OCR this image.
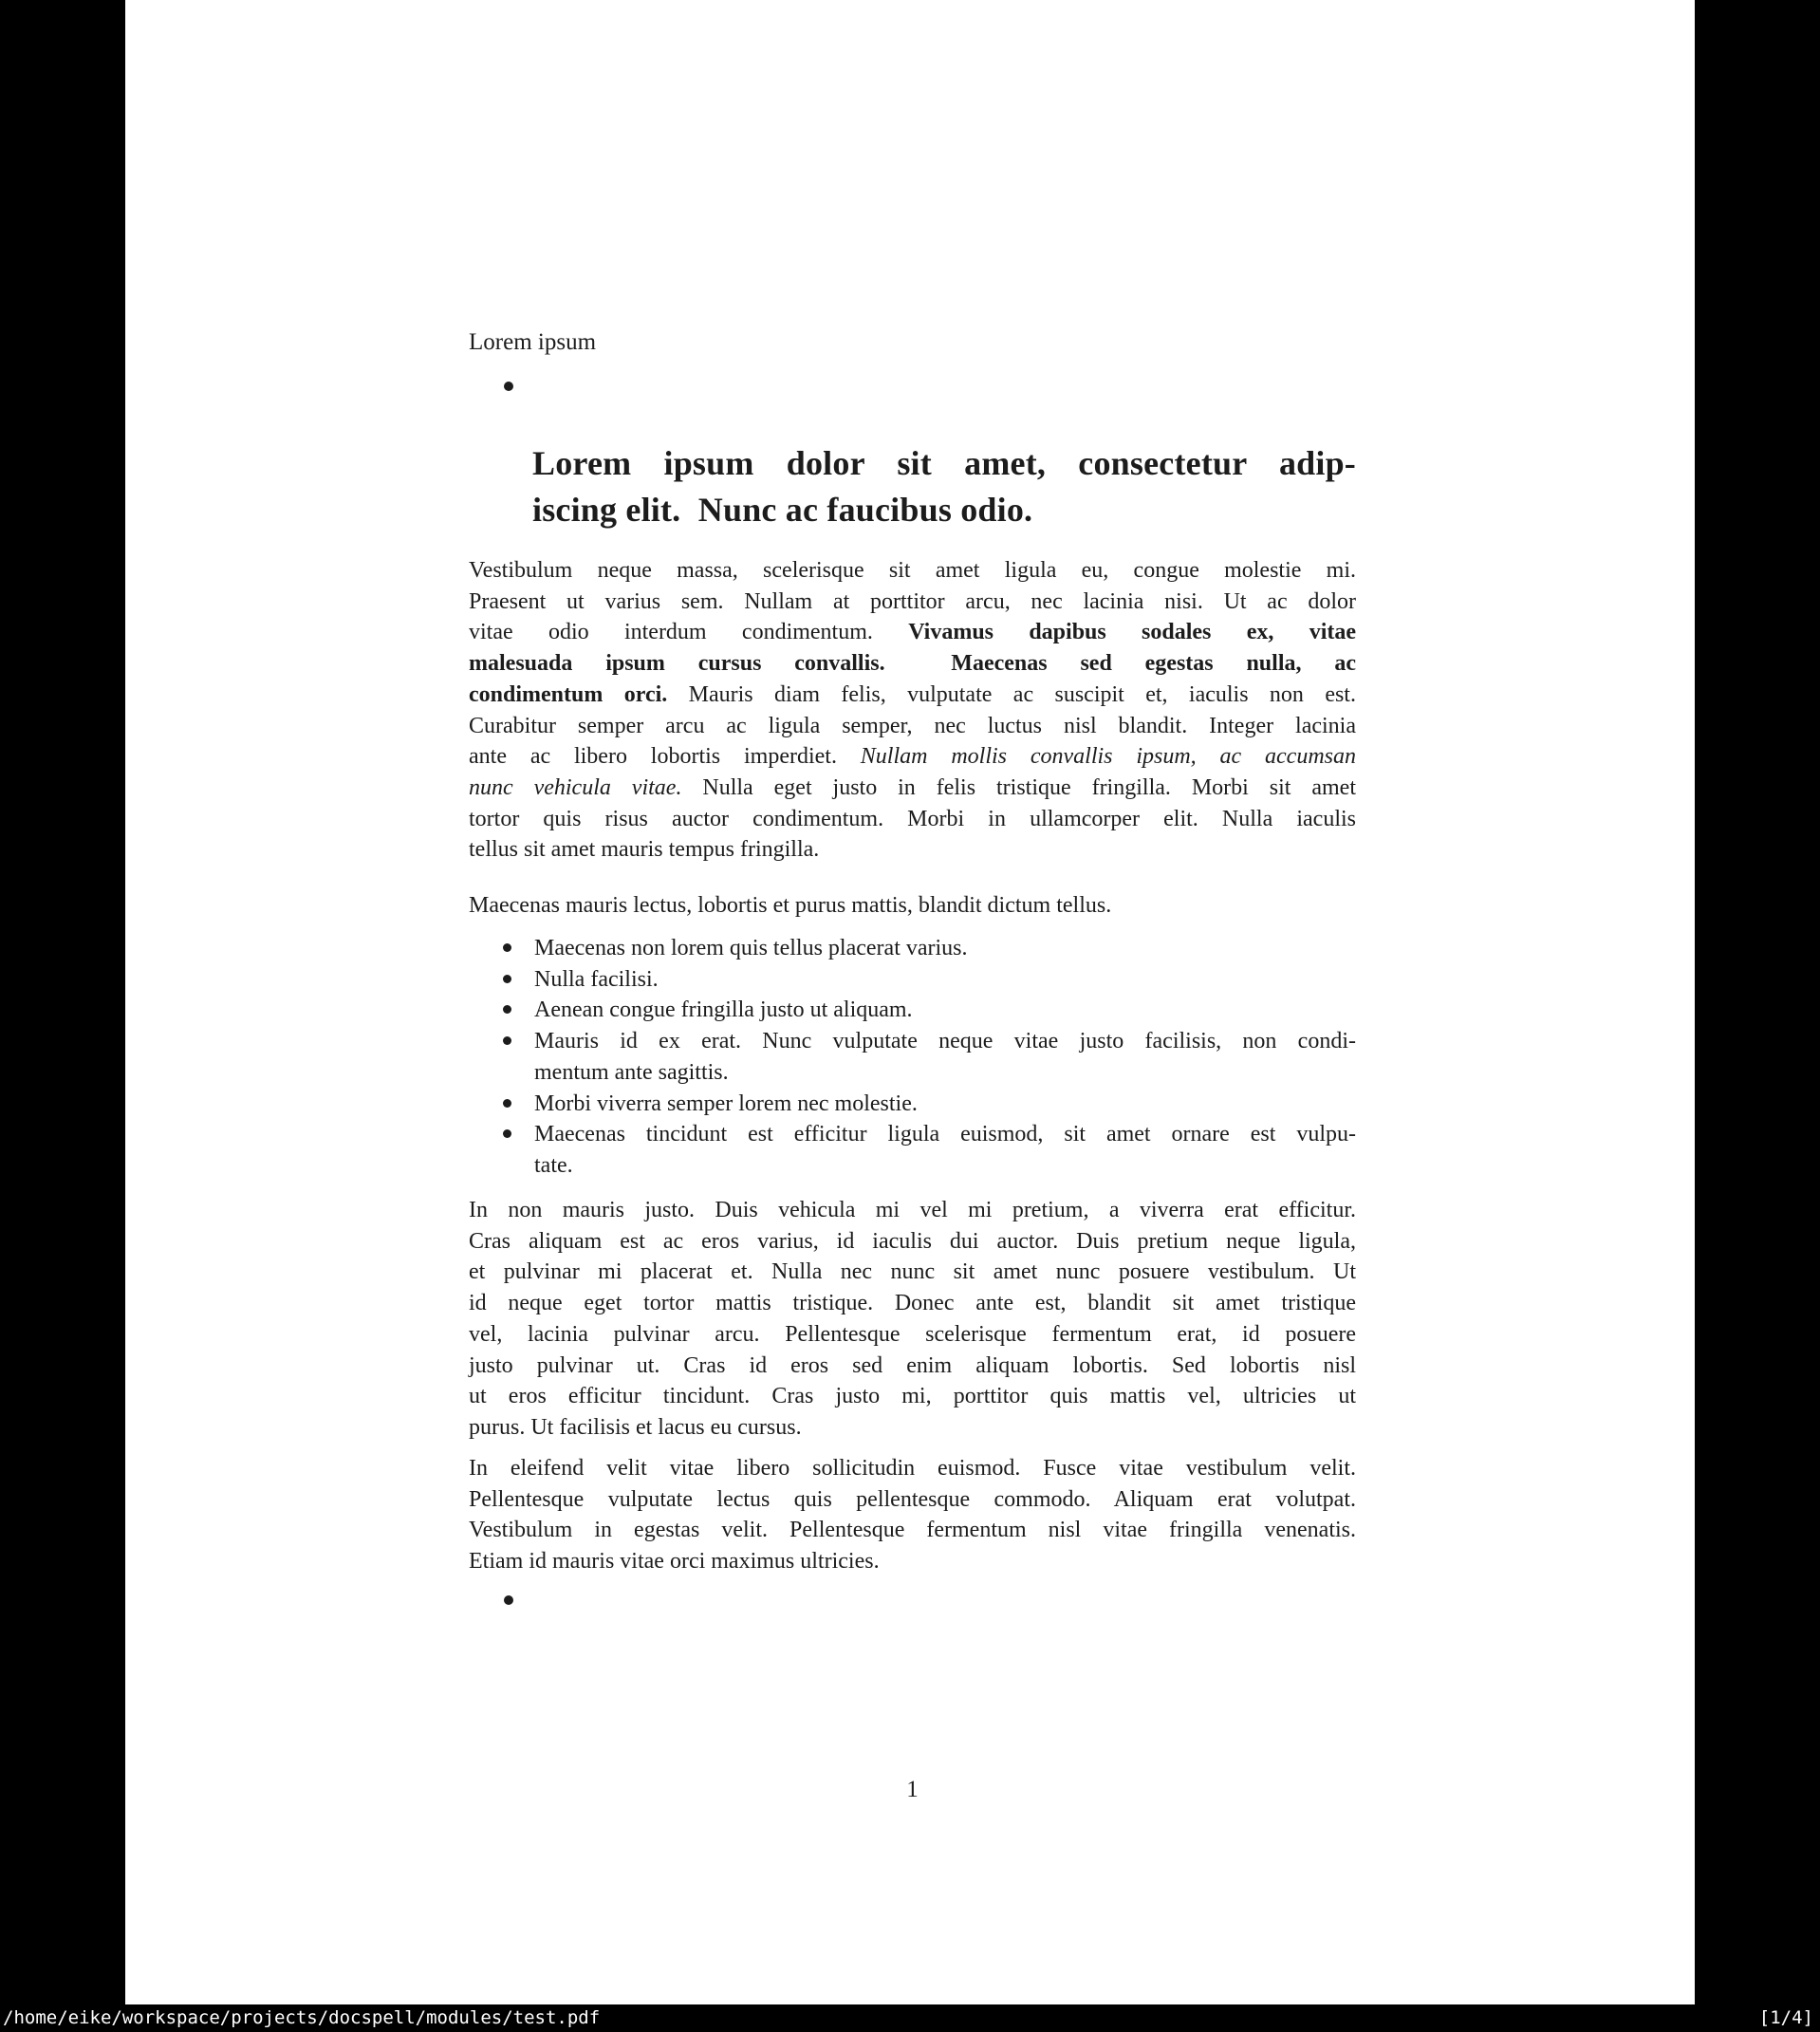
Lorem ipsum
Lorem ipsum dolor sit amet, consectetur adip-
iscing elit.  Nunc ac faucibus odio.
Vestibulum neque massa, scelerisque sit amet ligula eu, congue molestie mi.
Praesent ut varius sem. Nullam at porttitor arcu, nec lacinia nisi. Ut ac dolor
vitae odio interdum condimentum. Vivamus dapibus sodales ex, vitae
malesuada ipsum cursus convallis.  Maecenas sed egestas nulla, ac
condimentum orci. Mauris diam felis, vulputate ac suscipit et, iaculis non est.
Curabitur semper arcu ac ligula semper, nec luctus nisl blandit. Integer lacinia
ante ac libero lobortis imperdiet. Nullam mollis convallis ipsum, ac accumsan
nunc vehicula vitae. Nulla eget justo in felis tristique fringilla. Morbi sit amet
tortor quis risus auctor condimentum. Morbi in ullamcorper elit. Nulla iaculis
tellus sit amet mauris tempus fringilla.
Maecenas mauris lectus, lobortis et purus mattis, blandit dictum tellus.
Maecenas non lorem quis tellus placerat varius.
Nulla facilisi.
Aenean congue fringilla justo ut aliquam.
Mauris id ex erat. Nunc vulputate neque vitae justo facilisis, non condi-
mentum ante sagittis.
Morbi viverra semper lorem nec molestie.
Maecenas tincidunt est efficitur ligula euismod, sit amet ornare est vulpu-
tate.
In non mauris justo. Duis vehicula mi vel mi pretium, a viverra erat efficitur.
Cras aliquam est ac eros varius, id iaculis dui auctor. Duis pretium neque ligula,
et pulvinar mi placerat et. Nulla nec nunc sit amet nunc posuere vestibulum. Ut
id neque eget tortor mattis tristique. Donec ante est, blandit sit amet tristique
vel, lacinia pulvinar arcu. Pellentesque scelerisque fermentum erat, id posuere
justo pulvinar ut. Cras id eros sed enim aliquam lobortis. Sed lobortis nisl
ut eros efficitur tincidunt. Cras justo mi, porttitor quis mattis vel, ultricies ut
purus. Ut facilisis et lacus eu cursus.
In eleifend velit vitae libero sollicitudin euismod. Fusce vitae vestibulum velit.
Pellentesque vulputate lectus quis pellentesque commodo. Aliquam erat volutpat.
Vestibulum in egestas velit. Pellentesque fermentum nisl vitae fringilla venenatis.
Etiam id mauris vitae orci maximus ultricies.
1
/home/eike/workspace/projects/docspell/modules/test.pdf	[1/4]
